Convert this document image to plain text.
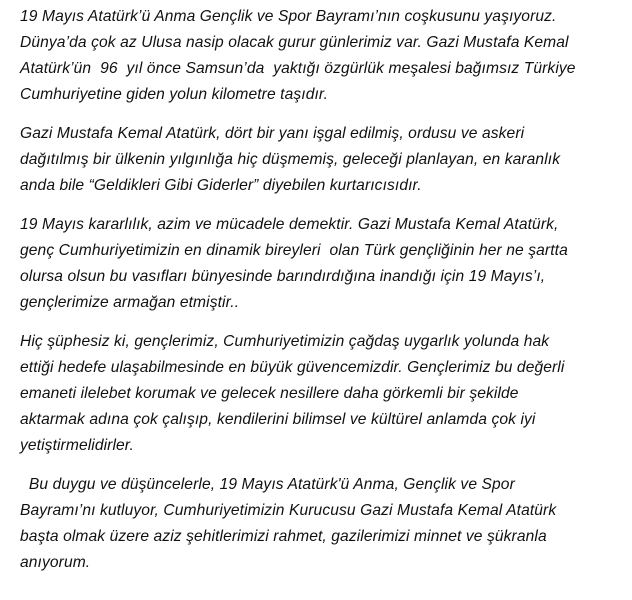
19 Mayıs Atatürk’ü Anma Gençlik ve Spor Bayramı’nın coşkusunu yaşıyoruz.
Dünya’da çok az Ulusa nasip olacak gurur günlerimiz var. Gazi Mustafa Kemal
Atatürk’ün  96  yıl önce Samsun’da  yaktığı özgürlük meşalesi bağımsız Türkiye
Cumhuriyetine giden yolun kilometre taşıdır.

Gazi Mustafa Kemal Atatürk, dört bir yanı işgal edilmiş, ordusu ve askeri
dağıtılmış bir ülkenin yılgınlığa hiç düşmemiş, geleceği planlayan, en karanlık
anda bile “Geldikleri Gibi Giderler” diyebilen kurtarıcısıdır.

19 Mayıs kararlılık, azim ve mücadele demektir. Gazi Mustafa Kemal Atatürk,
genç Cumhuriyetimizin en dinamik bireyleri  olan Türk gençliğinin her ne şartta
olursa olsun bu vasıfları bünyesinde barındırdığına inandığı için 19 Mayıs’ı,
gençlerimize armağan etmiştir..

Hiç şüphesiz ki, gençlerimiz, Cumhuriyetimizin çağdaş uygarlık yolunda hak
ettiği hedefe ulaşabilmesinde en büyük güvencemizdir. Gençlerimiz bu değerli
emaneti ilelebet korumak ve gelecek nesillere daha görkemli bir şekilde
aktarmak adına çok çalışıp, kendilerini bilimsel ve kültürel anlamda çok iyi
yetiştirmelidirler.

Bu duygu ve düşüncelerle, 19 Mayıs Atatürk'ü Anma, Gençlik ve Spor
Bayramı’nı kutluyor, Cumhuriyetimizin Kurucusu Gazi Mustafa Kemal Atatürk
başta olmak üzere aziz şehitlerimizi rahmet, gazilerimizi minnet ve şükranla
anıyorum.
